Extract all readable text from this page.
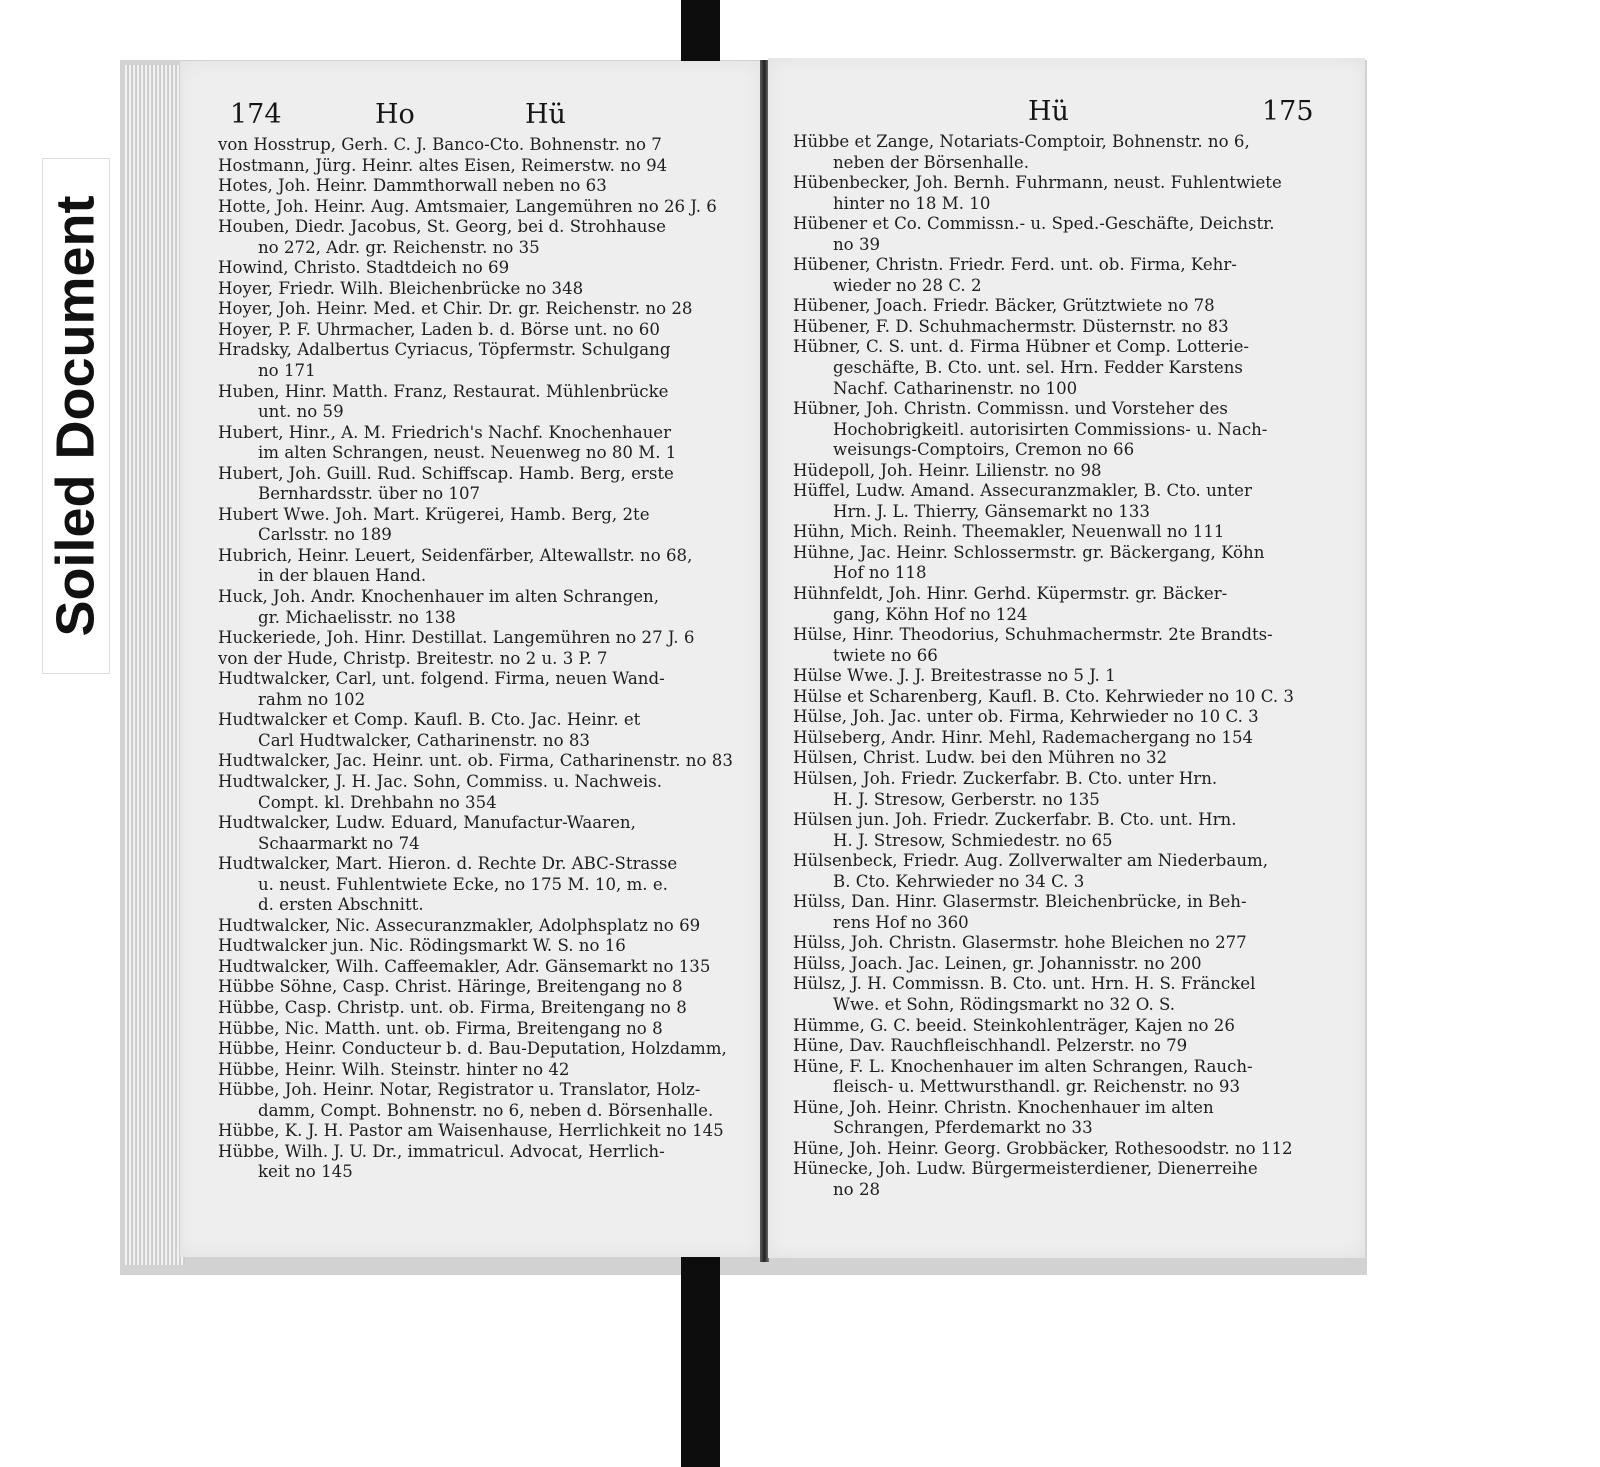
Soiled Document
174	Ho	Hü
von Hosstrup, Gerh. C. J. Banco-Cto. Bohnenstr. no 7
Hostmann, Jürg. Heinr. altes Eisen, Reimerstw. no 94
Hotes, Joh. Heinr. Dammthorwall neben no 63
Hotte, Joh. Heinr. Aug. Amtsmaier, Langemühren no 26 J. 6
Houben, Diedr. Jacobus, St. Georg, bei d. Strohhause
no 272, Adr. gr. Reichenstr. no 35
Howind, Christo. Stadtdeich no 69
Hoyer, Friedr. Wilh. Bleichenbrücke no 348
Hoyer, Joh. Heinr. Med. et Chir. Dr. gr. Reichenstr. no 28
Hoyer, P. F. Uhrmacher, Laden b. d. Börse unt. no 60
Hradsky, Adalbertus Cyriacus, Töpfermstr. Schulgang
no 171
Huben, Hinr. Matth. Franz, Restaurat. Mühlenbrücke
unt. no 59
Hubert, Hinr., A. M. Friedrich's Nachf. Knochenhauer
im alten Schrangen, neust. Neuenweg no 80 M. 1
Hubert, Joh. Guill. Rud. Schiffscap. Hamb. Berg, erste
Bernhardsstr. über no 107
Hubert Wwe. Joh. Mart. Krügerei, Hamb. Berg, 2te
Carlsstr. no 189
Hubrich, Heinr. Leuert, Seidenfärber, Altewallstr. no 68,
in der blauen Hand.
Huck, Joh. Andr. Knochenhauer im alten Schrangen,
gr. Michaelisstr. no 138
Huckeriede, Joh. Hinr. Destillat. Langemühren no 27 J. 6
von der Hude, Christp. Breitestr. no 2 u. 3 P. 7
Hudtwalcker, Carl, unt. folgend. Firma, neuen Wand-
rahm no 102
Hudtwalcker et Comp. Kaufl. B. Cto. Jac. Heinr. et
Carl Hudtwalcker, Catharinenstr. no 83
Hudtwalcker, Jac. Heinr. unt. ob. Firma, Catharinenstr. no 83
Hudtwalcker, J. H. Jac. Sohn, Commiss. u. Nachweis.
Compt. kl. Drehbahn no 354
Hudtwalcker, Ludw. Eduard, Manufactur-Waaren,
Schaarmarkt no 74
Hudtwalcker, Mart. Hieron. d. Rechte Dr. ABC-Strasse
u. neust. Fuhlentwiete Ecke, no 175 M. 10, m. e.
d. ersten Abschnitt.
Hudtwalcker, Nic. Assecuranzmakler, Adolphsplatz no 69
Hudtwalcker jun. Nic. Rödingsmarkt W. S. no 16
Hudtwalcker, Wilh. Caffeemakler, Adr. Gänsemarkt no 135
Hübbe Söhne, Casp. Christ. Häringe, Breitengang no 8
Hübbe, Casp. Christp. unt. ob. Firma, Breitengang no 8
Hübbe, Nic. Matth. unt. ob. Firma, Breitengang no 8
Hübbe, Heinr. Conducteur b. d. Bau-Deputation, Holzdamm,
Hübbe, Heinr. Wilh. Steinstr. hinter no 42
Hübbe, Joh. Heinr. Notar, Registrator u. Translator, Holz-
damm, Compt. Bohnenstr. no 6, neben d. Börsenhalle.
Hübbe, K. J. H. Pastor am Waisenhause, Herrlichkeit no 145
Hübbe, Wilh. J. U. Dr., immatricul. Advocat, Herrlich-
keit no 145
Hü	175
Hübbe et Zange, Notariats-Comptoir, Bohnenstr. no 6,
neben der Börsenhalle.
Hübenbecker, Joh. Bernh. Fuhrmann, neust. Fuhlentwiete
hinter no 18 M. 10
Hübener et Co. Commissn.- u. Sped.-Geschäfte, Deichstr.
no 39
Hübener, Christn. Friedr. Ferd. unt. ob. Firma, Kehr-
wieder no 28 C. 2
Hübener, Joach. Friedr. Bäcker, Grütztwiete no 78
Hübener, F. D. Schuhmachermstr. Düsternstr. no 83
Hübner, C. S. unt. d. Firma Hübner et Comp. Lotterie-
geschäfte, B. Cto. unt. sel. Hrn. Fedder Karstens
Nachf. Catharinenstr. no 100
Hübner, Joh. Christn. Commissn. und Vorsteher des
Hochobrigkeitl. autorisirten Commissions- u. Nach-
weisungs-Comptoirs, Cremon no 66
Hüdepoll, Joh. Heinr. Lilienstr. no 98
Hüffel, Ludw. Amand. Assecuranzmakler, B. Cto. unter
Hrn. J. L. Thierry, Gänsemarkt no 133
Hühn, Mich. Reinh. Theemakler, Neuenwall no 111
Hühne, Jac. Heinr. Schlossermstr. gr. Bäckergang, Köhn
Hof no 118
Hühnfeldt, Joh. Hinr. Gerhd. Küpermstr. gr. Bäcker-
gang, Köhn Hof no 124
Hülse, Hinr. Theodorius, Schuhmachermstr. 2te Brandts-
twiete no 66
Hülse Wwe. J. J. Breitestrasse no 5 J. 1
Hülse et Scharenberg, Kaufl. B. Cto. Kehrwieder no 10 C. 3
Hülse, Joh. Jac. unter ob. Firma, Kehrwieder no 10 C. 3
Hülseberg, Andr. Hinr. Mehl, Rademachergang no 154
Hülsen, Christ. Ludw. bei den Mühren no 32
Hülsen, Joh. Friedr. Zuckerfabr. B. Cto. unter Hrn.
H. J. Stresow, Gerberstr. no 135
Hülsen jun. Joh. Friedr. Zuckerfabr. B. Cto. unt. Hrn.
H. J. Stresow, Schmiedestr. no 65
Hülsenbeck, Friedr. Aug. Zollverwalter am Niederbaum,
B. Cto. Kehrwieder no 34 C. 3
Hülss, Dan. Hinr. Glasermstr. Bleichenbrücke, in Beh-
rens Hof no 360
Hülss, Joh. Christn. Glasermstr. hohe Bleichen no 277
Hülss, Joach. Jac. Leinen, gr. Johannisstr. no 200
Hülsz, J. H. Commissn. B. Cto. unt. Hrn. H. S. Fränckel
Wwe. et Sohn, Rödingsmarkt no 32 O. S.
Hümme, G. C. beeid. Steinkohlenträger, Kajen no 26
Hüne, Dav. Rauchfleischhandl. Pelzerstr. no 79
Hüne, F. L. Knochenhauer im alten Schrangen, Rauch-
fleisch- u. Mettwursthandl. gr. Reichenstr. no 93
Hüne, Joh. Heinr. Christn. Knochenhauer im alten
Schrangen, Pferdemarkt no 33
Hüne, Joh. Heinr. Georg. Grobbäcker, Rothesoodstr. no 112
Hünecke, Joh. Ludw. Bürgermeisterdiener, Dienerreihe
no 28
